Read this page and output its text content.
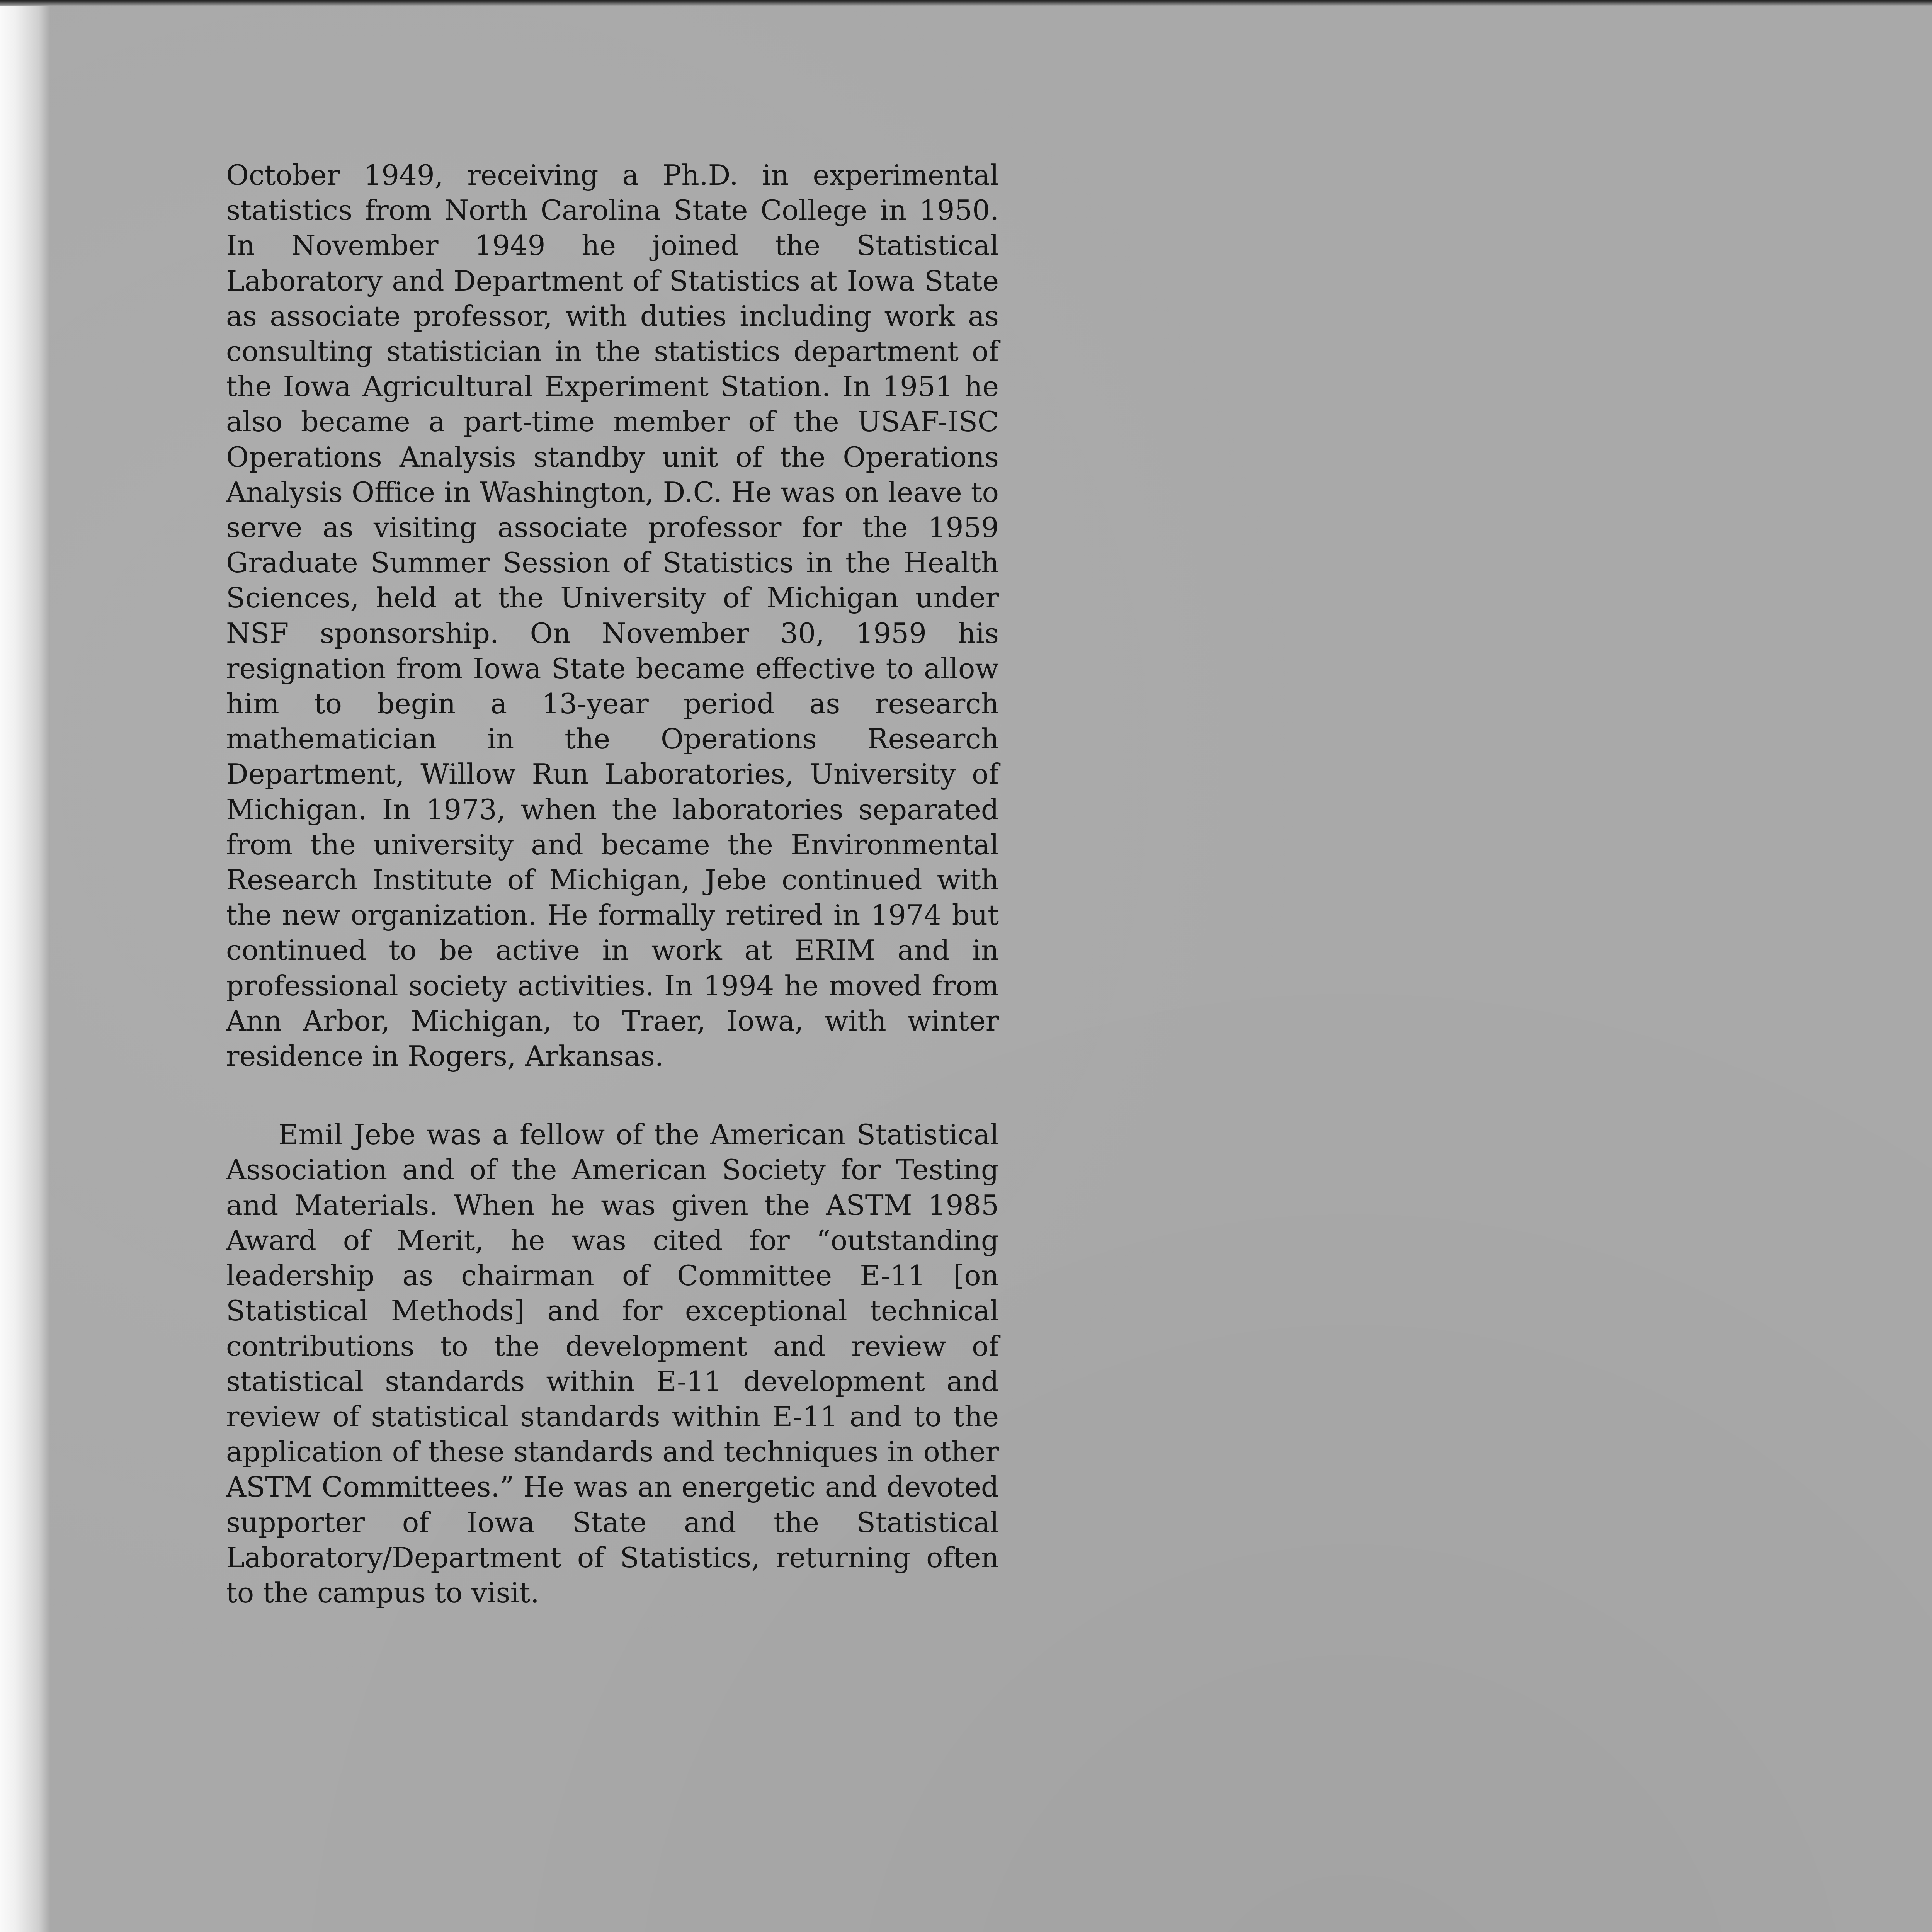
October 1949, receiving a Ph.D. in experimental statistics from North Carolina State College in 1950. In November 1949 he joined the Statistical Laboratory and Department of Statistics at Iowa State as associate professor, with duties including work as consulting statistician in the statistics department of the Iowa Agricultural Experiment Station. In 1951 he also became a part-time member of the USAF-ISC Operations Analysis standby unit of the Operations Analysis Office in Washington, D.C. He was on leave to serve as visiting associate professor for the 1959 Graduate Summer Session of Statistics in the Health Sciences, held at the University of Michigan under NSF sponsorship. On November 30, 1959 his resignation from Iowa State became effective to allow him to begin a 13-year period as research mathematician in the Operations Research Department, Willow Run Laboratories, University of Michigan. In 1973, when the laboratories separated from the university and became the Environmental Research Institute of Michigan, Jebe continued with the new organization. He formally retired in 1974 but continued to be active in work at ERIM and in professional society activities. In 1994 he moved from Ann Arbor, Michigan, to Traer, Iowa, with winter residence in Rogers, Arkansas.

Emil Jebe was a fellow of the American Statistical Association and of the American Society for Testing and Materials. When he was given the ASTM 1985 Award of Merit, he was cited for “outstanding leadership as chairman of Committee E-11 [on Statistical Methods] and for exceptional technical contributions to the development and review of statistical standards within E-11 development and review of statistical standards within E-11 and to the application of these standards and techniques in other ASTM Committees.” He was an energetic and devoted supporter of Iowa State and the Statistical Laboratory/Department of Statistics, returning often to the campus to visit.
